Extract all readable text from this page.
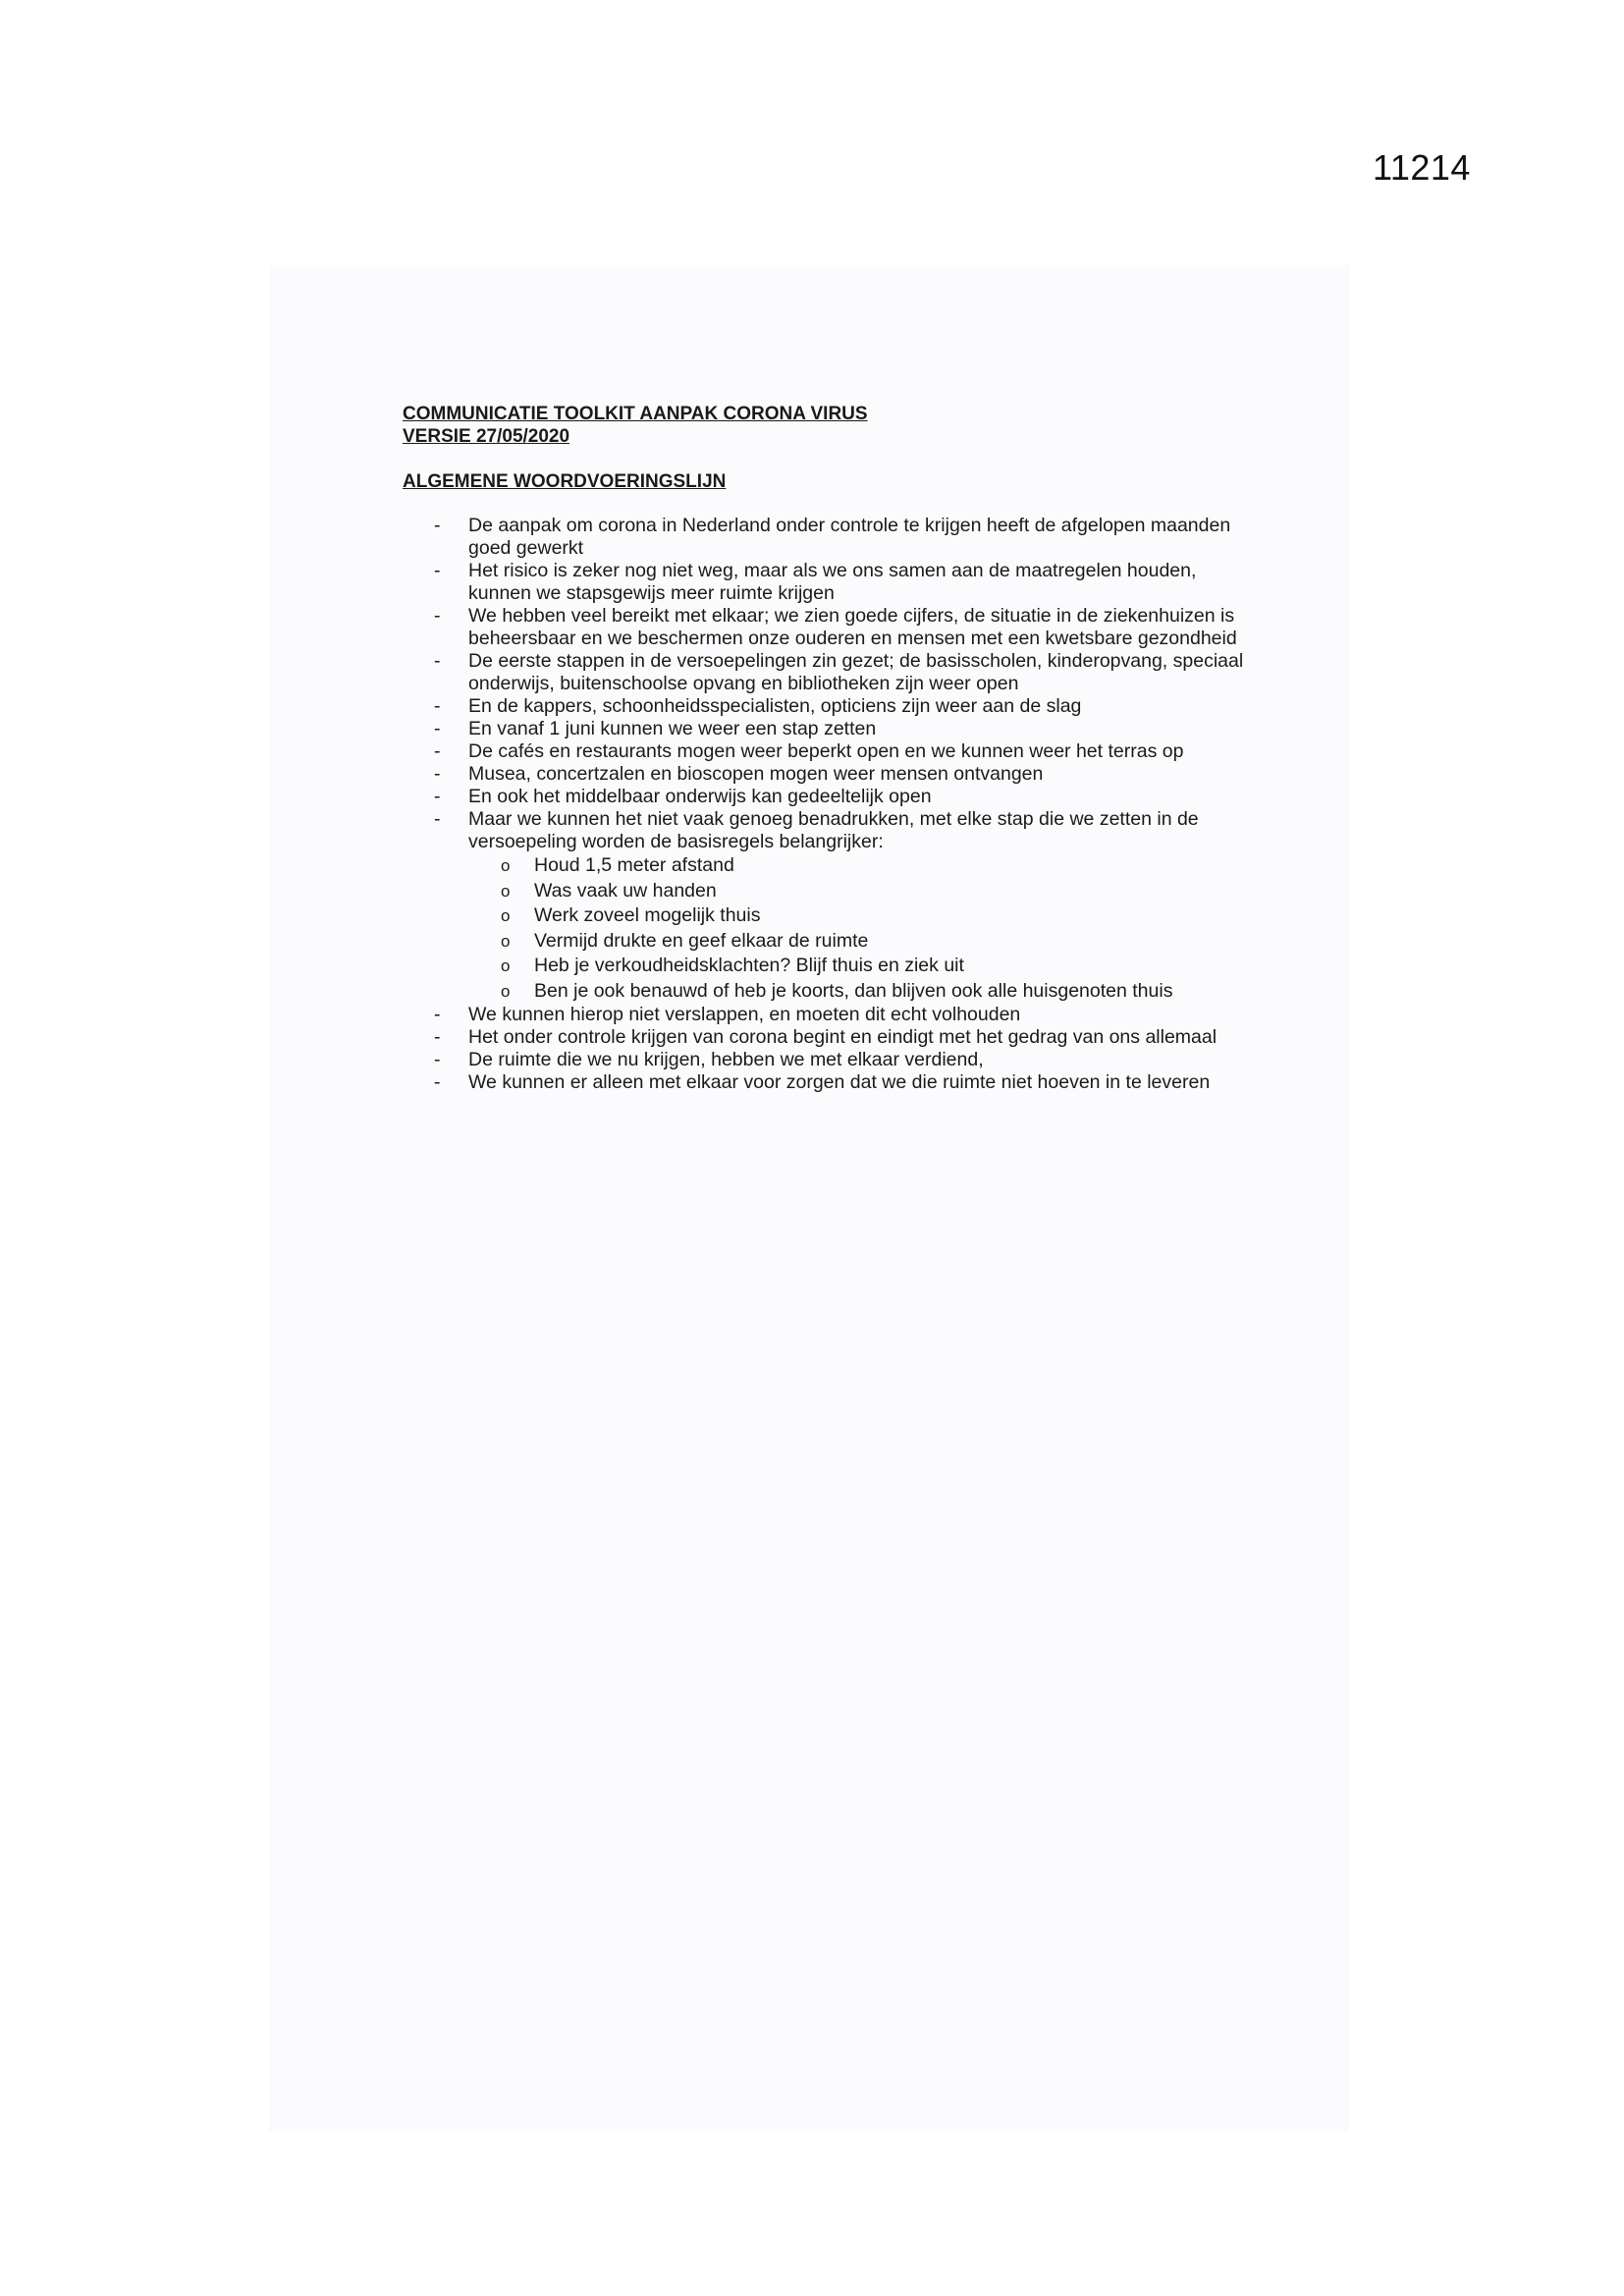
11214
COMMUNICATIE TOOLKIT AANPAK CORONA VIRUS
VERSIE 27/05/2020
ALGEMENE WOORDVOERINGSLIJN
- De aanpak om corona in Nederland onder controle te krijgen heeft de afgelopen maanden goed gewerkt
- Het risico is zeker nog niet weg, maar als we ons samen aan de maatregelen houden, kunnen we stapsgewijs meer ruimte krijgen
- We hebben veel bereikt met elkaar; we zien goede cijfers, de situatie in de ziekenhuizen is beheersbaar en we beschermen onze ouderen en mensen met een kwetsbare gezondheid
- De eerste stappen in de versoepelingen zin gezet; de basisscholen, kinderopvang, speciaal onderwijs, buitenschoolse opvang en bibliotheken zijn weer open
- En de kappers, schoonheidsspecialisten, opticiens zijn weer aan de slag
- En vanaf 1 juni kunnen we weer een stap zetten
- De cafés en restaurants mogen weer beperkt open en we kunnen weer het terras op
- Musea, concertzalen en bioscopen mogen weer mensen ontvangen
- En ook het middelbaar onderwijs kan gedeeltelijk open
- Maar we kunnen het niet vaak genoeg benadrukken, met elke stap die we zetten in de versoepeling worden de basisregels belangrijker:
o Houd 1,5 meter afstand
o Was vaak uw handen
o Werk zoveel mogelijk thuis
o Vermijd drukte en geef elkaar de ruimte
o Heb je verkoudheidsklachten? Blijf thuis en ziek uit
o Ben je ook benauwd of heb je koorts, dan blijven ook alle huisgenoten thuis
- We kunnen hierop niet verslappen, en moeten dit echt volhouden
- Het onder controle krijgen van corona begint en eindigt met het gedrag van ons allemaal
- De ruimte die we nu krijgen, hebben we met elkaar verdiend,
- We kunnen er alleen met elkaar voor zorgen dat we die ruimte niet hoeven in te leveren
